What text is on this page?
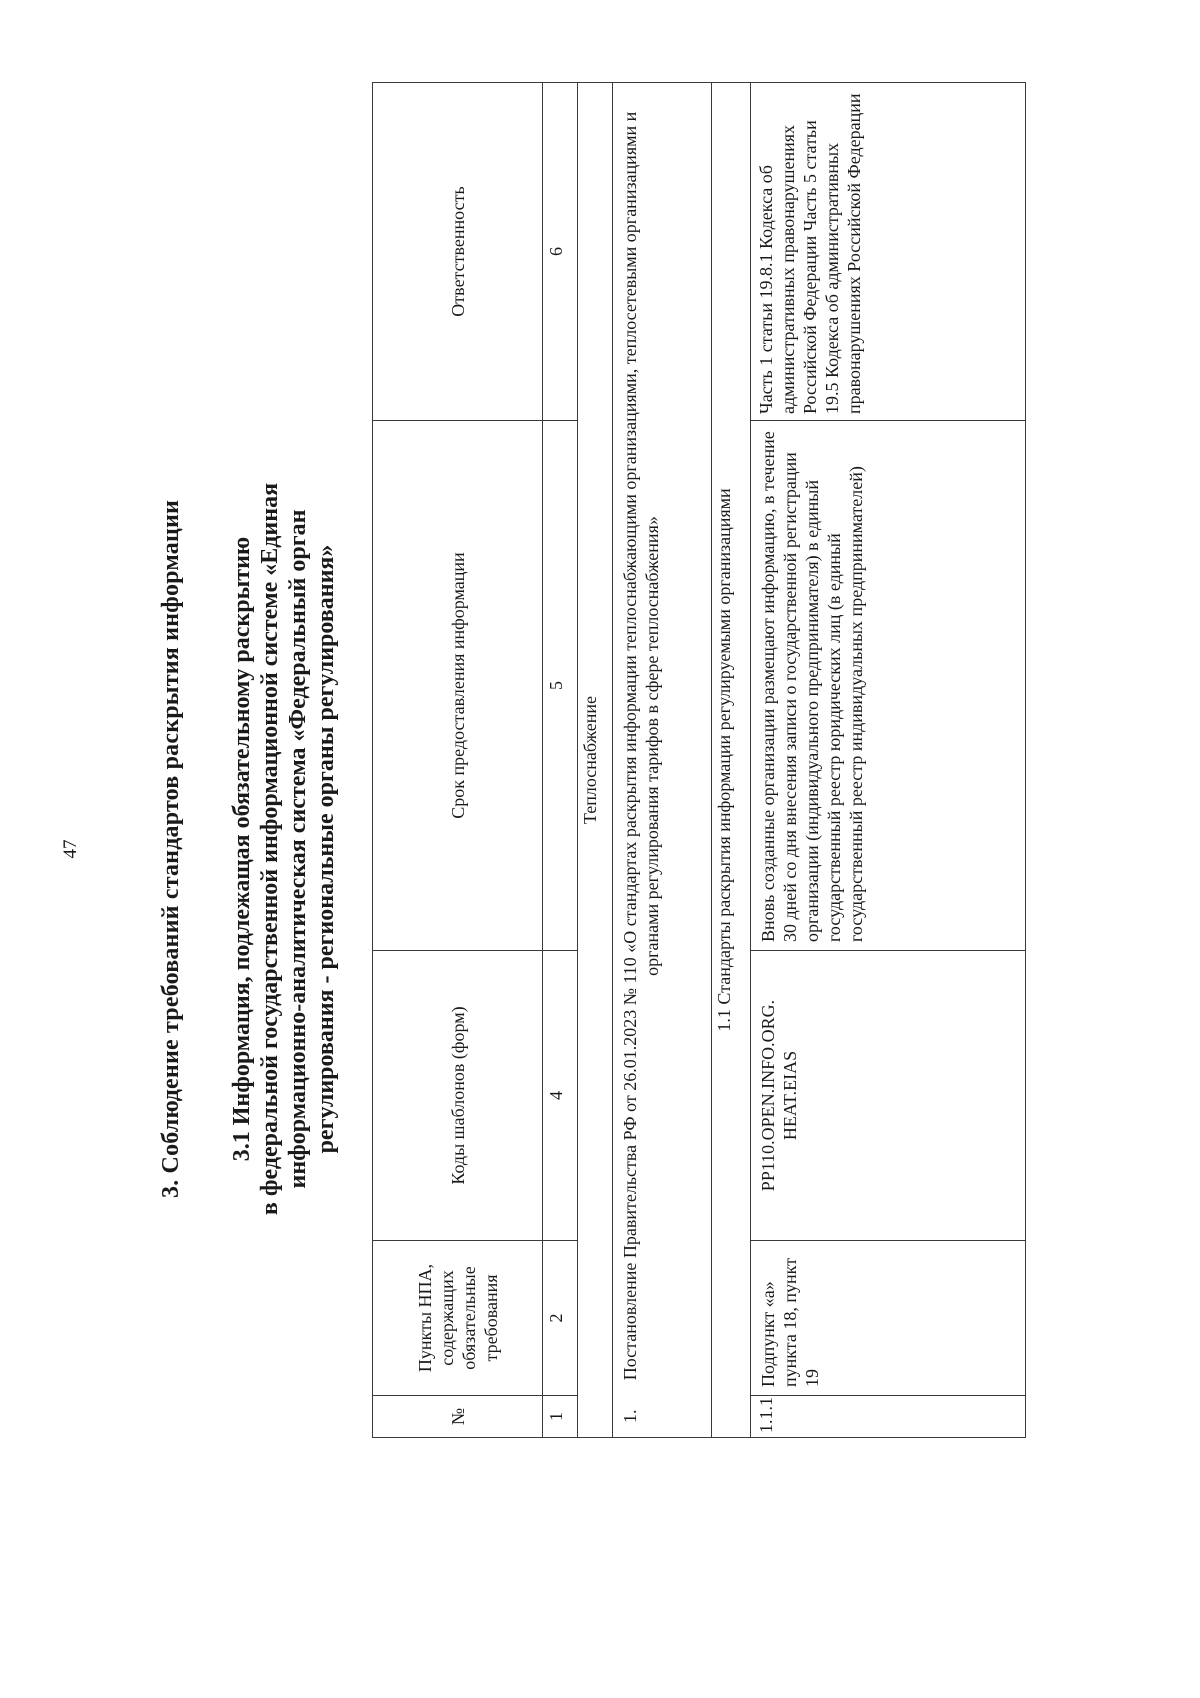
47	3. Соблюдение требований стандартов раскрытия информации 3.1 Информация, подлежащая обязательному раскрытию в федеральной государственной информационной системе «Единая информационно-аналитическая система «Федеральный орган регулирования - региональные органы регулирования»
№	Пункты НПА, содержащих обязательные требования	Коды шаблонов (форм)	Срок предоставления информации	Ответственность
1	2	4	5	6
Теплоснабжение				

1.
Постановление Правительства РФ от 26.01.2023 № 110 «О стандартах раскрытия информации теплоснабжающими организациями, теплосетевыми организациями и органами регулирования тарифов в сфере теплоснабжения»				

1.1 Стандарты раскрытия информации регулируемыми организациями				
1.1.1	Подпункт «а» пункта 18, пункт 19	PP110.OPEN.INFO.ORG. HEAT.EIAS	Вновь созданные организации размещают информацию, в течение 30 дней со дня внесения записи о государственной регистрации организации (индивидуального предпринимателя) в единый государственный реестр юридических лиц (в единый государственный реестр индивидуальных предпринимателей)	Часть 1 статьи 19.8.1 Кодекса об административных правонарушениях Российской Федерации Часть 5 статьи 19.5 Кодекса об административных правонарушениях Российской Федерации
